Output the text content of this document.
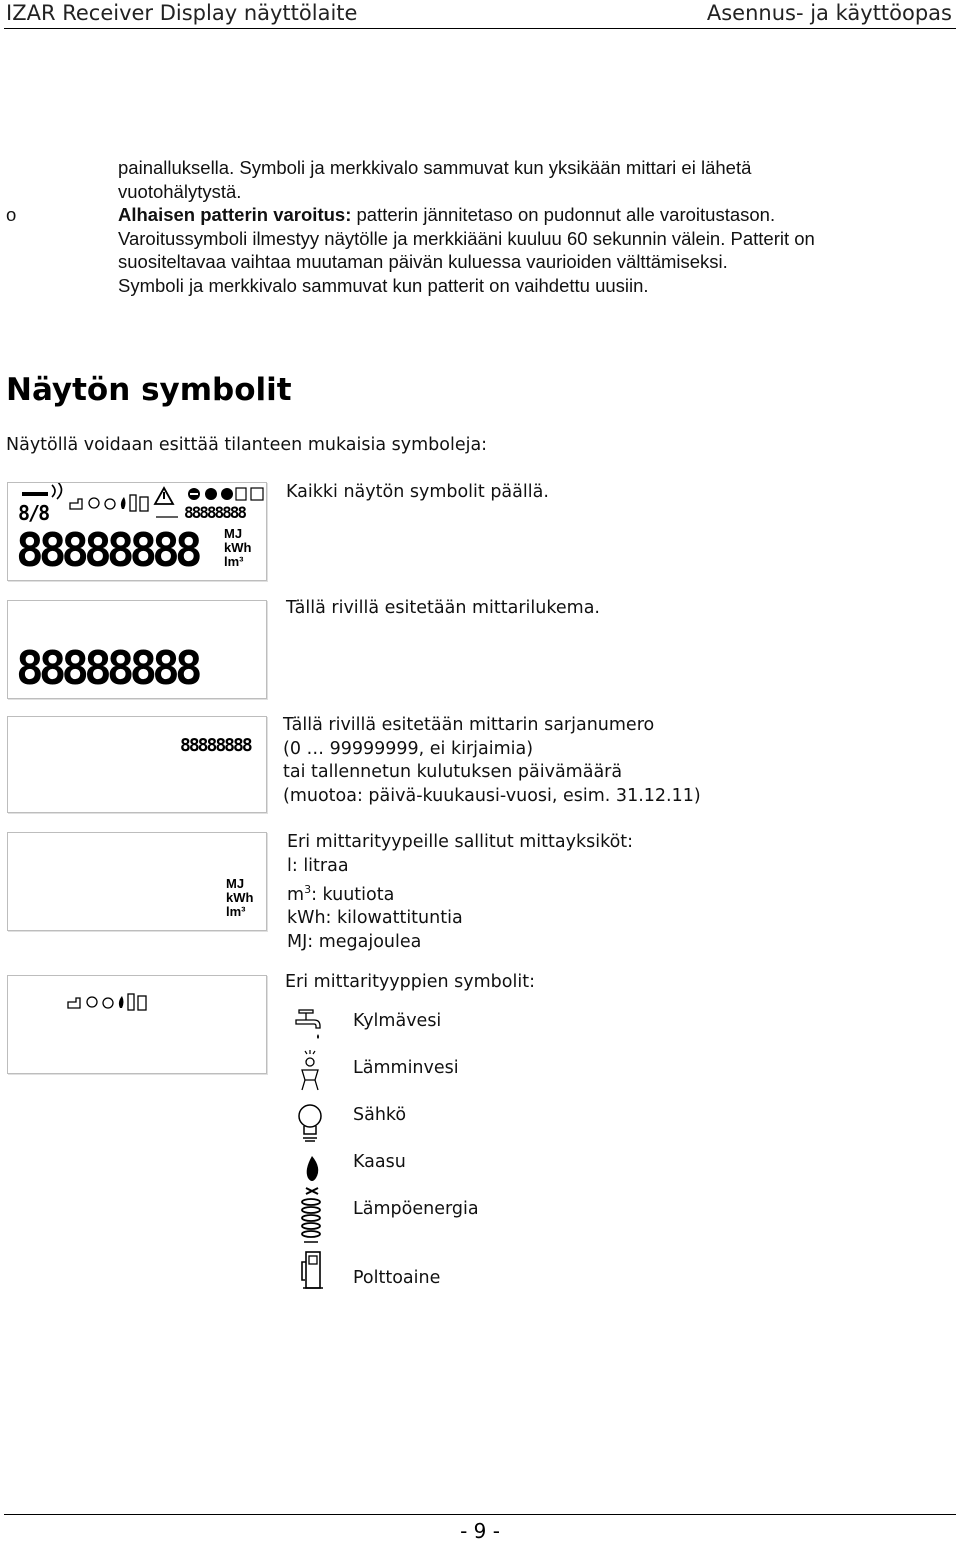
IZAR Receiver Display näyttölaite	Asennus- ja käyttöopas
painalluksella. Symboli ja merkkivalo sammuvat kun yksikään mittari ei lähetä
vuotohälytystä.
Alhaisen patterin varoitus: patterin jännitetaso on pudonnut alle varoitustason.
Varoitussymboli ilmestyy näytölle ja merkkiääni kuuluu 60 sekunnin välein. Patterit on
suositeltavaa vaihtaa muutaman päivän kuluessa vaurioiden välttämiseksi.
Symboli ja merkkivalo sammuvat kun patterit on vaihdettu uusiin.
o
Näytön symbolit
Näytöllä voidaan esittää tilanteen mukaisia symboleja:
8/8	88888888
88888888 MJ
kWh
lm³
Kaikki näytön symbolit päällä.
88888888
Tällä rivillä esitetään mittarilukema.
88888888
Tällä rivillä esitetään mittarin sarjanumero
(0 … 99999999, ei kirjaimia)
tai tallennetun kulutuksen päivämäärä
(muotoa: päivä-kuukausi-vuosi, esim. 31.12.11)
MJ
kWh
lm³
Eri mittarityypeille sallitut mittayksiköt:
l: litraa
$m^3$: kuutiota
kWh: kilowattituntia
MJ: megajoulea
Eri mittarityyppien symbolit:
Kylmävesi
Lämminvesi
Sähkö
Kaasu
Lämpöenergia
Polttoaine
- 9 -
